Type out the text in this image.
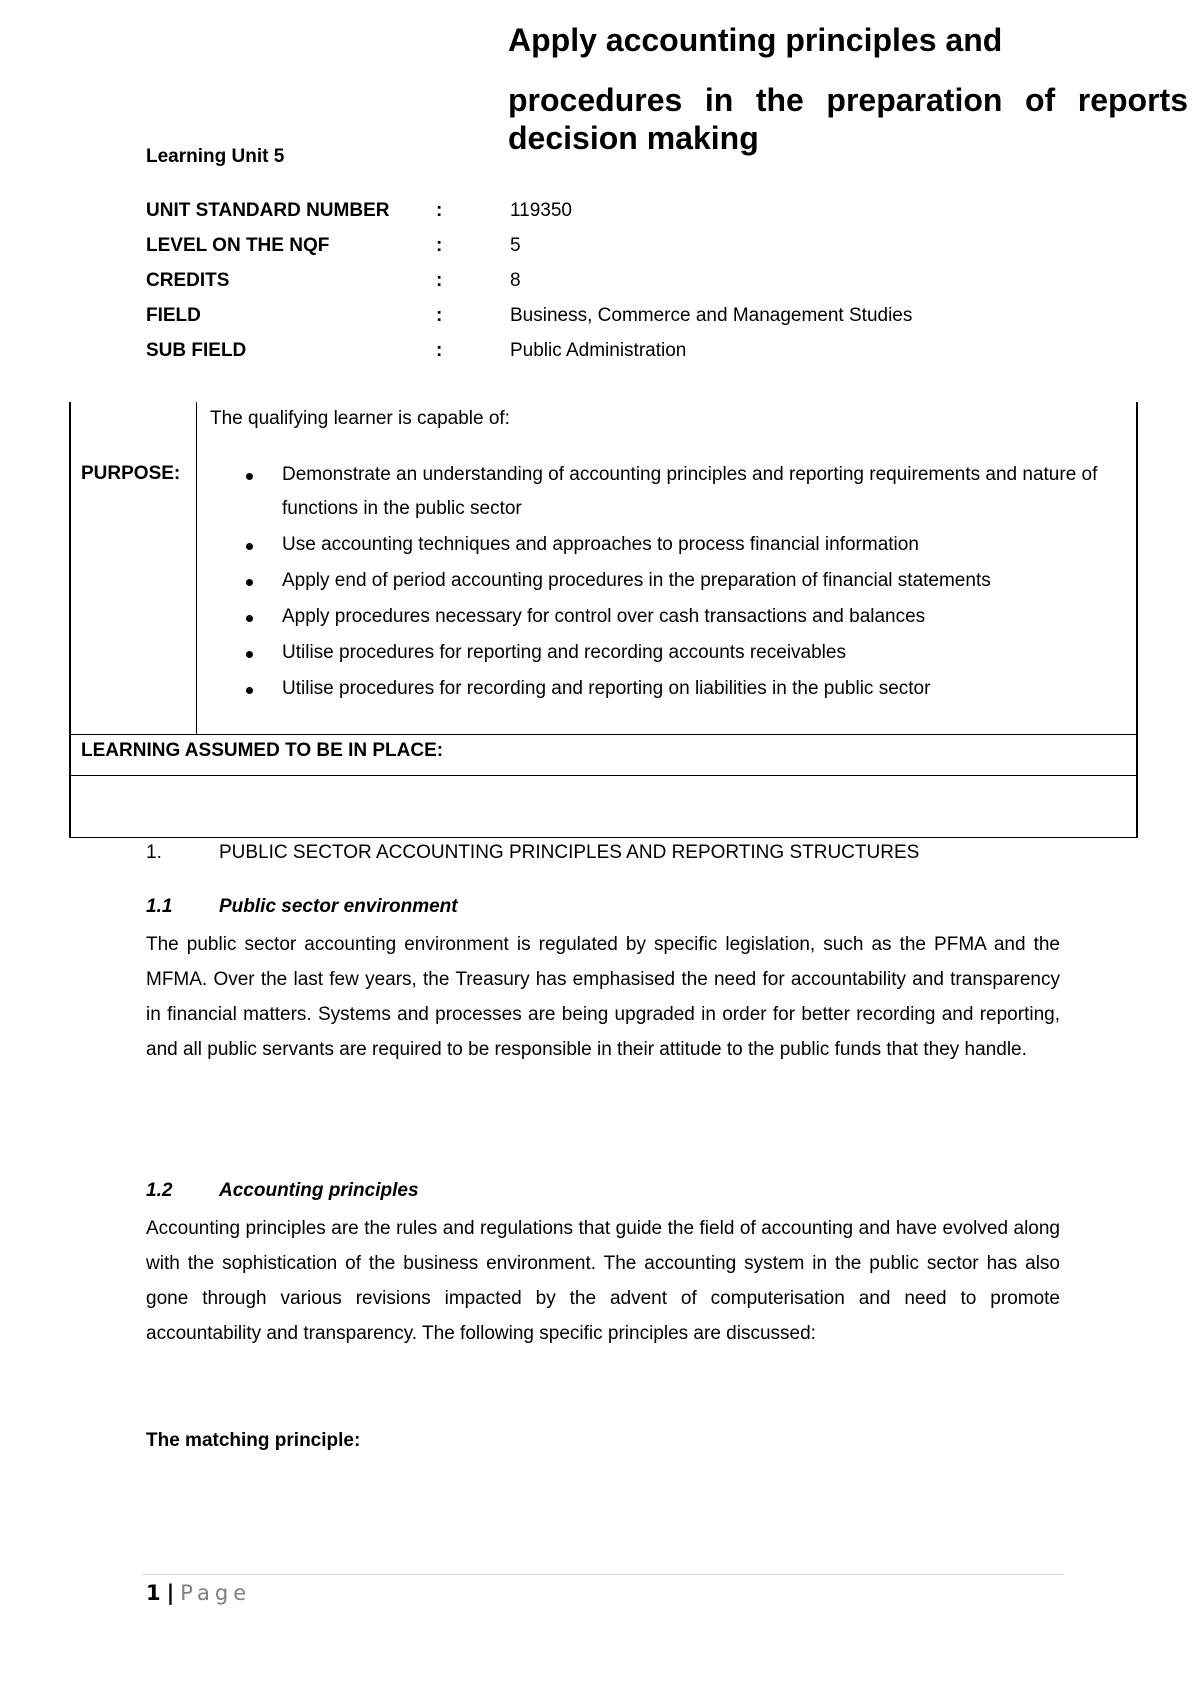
Apply accounting principles and
procedures in the preparation of reports
decision making
Learning Unit 5
UNIT STANDARD NUMBER :	119350
LEVEL ON THE NQF	:	5
CREDITS	:	8
FIELD	:	Business, Commerce and Management Studies
SUB FIELD	:	Public Administration
PURPOSE:
The qualifying learner is capable of:
Demonstrate an understanding of accounting principles and reporting requirements and nature of functions in the public sector
Use accounting techniques and approaches to process financial information
Apply end of period accounting procedures in the preparation of financial statements
Apply procedures necessary for control over cash transactions and balances
Utilise procedures for reporting and recording accounts receivables
Utilise procedures for recording and reporting on liabilities in the public sector
LEARNING ASSUMED TO BE IN PLACE:
1.	PUBLIC SECTOR ACCOUNTING PRINCIPLES AND REPORTING STRUCTURES
1.1 Public sector environment
The public sector accounting environment is regulated by specific legislation, such as the PFMA and the MFMA. Over the last few years, the Treasury has emphasised the need for accountability and transparency in financial matters. Systems and processes are being upgraded in order for better recording and reporting, and all public servants are required to be responsible in their attitude to the public funds that they handle.
1.2 Accounting principles
Accounting principles are the rules and regulations that guide the field of accounting and have evolved along with the sophistication of the business environment. The accounting system in the public sector has also gone through various revisions impacted by the advent of computerisation and need to promote accountability and transparency. The following specific principles are discussed:
The matching principle:
1 | Page
